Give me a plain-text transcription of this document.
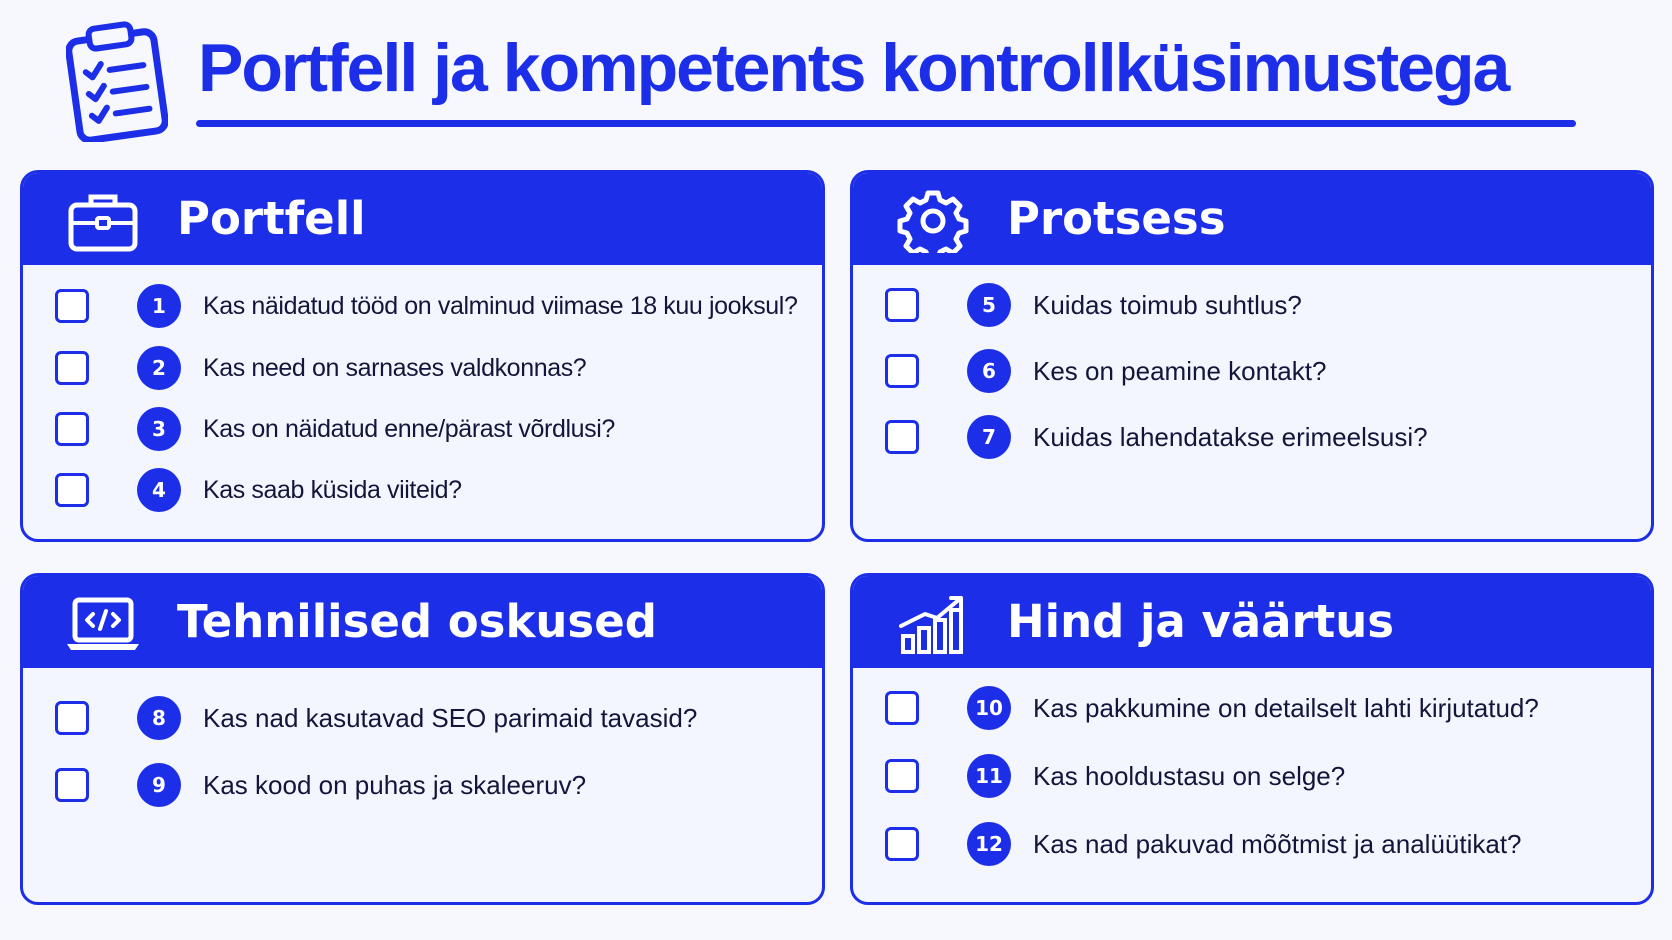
Portfell ja kompetents kontrollküsimustega
Portfell
1	Kas näidatud tööd on valminud viimase 18 kuu jooksul?
2	Kas need on sarnases valdkonnas?
3	Kas on näidatud enne/pärast võrdlusi?
4	Kas saab küsida viiteid?
Protsess
5	Kuidas toimub suhtlus?
6	Kes on peamine kontakt?
7	Kuidas lahendatakse erimeelsusi?
Tehnilised oskused
8	Kas nad kasutavad SEO parimaid tavasid?
9	Kas kood on puhas ja skaleeruv?
Hind ja väärtus
10	Kas pakkumine on detailselt lahti kirjutatud?
11	Kas hooldustasu on selge?
12	Kas nad pakuvad mõõtmist ja analüütikat?
